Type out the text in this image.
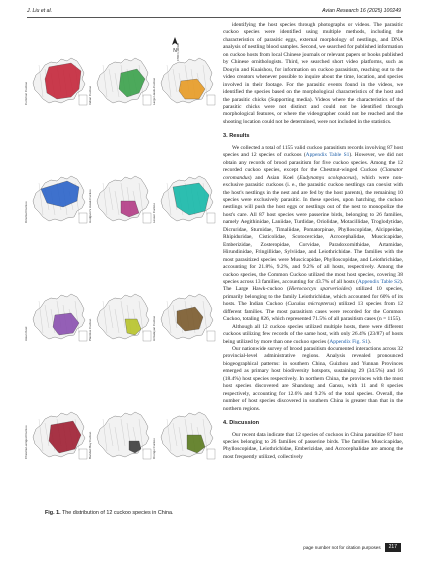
J. Liu et al.	Avian Research 16 (2025) 100249
N 0 550 1,100 km
Common Cuckoo	Indian Cuckoo	Large Hawk-Cuckoo
Oriental Cuckoo	Hodgson's Hawk-Cuckoo	Lesser Cuckoo
Asian Koel	Plaintive Cuckoo	Himalayan Cuckoo
Chestnut-winged Cuckoo	Banded Bay Cuckoo	Drongo Cuckoo
Fig. 1. The distribution of 12 cuckoo species in China.

identifying the host species through photographs or videos. The parasitic cuckoo species were identified using multiple methods, including the characteristics of parasitic eggs, external morphology of nestlings, and DNA analysis of nestling blood samples. Second, we searched for published information on cuckoo hosts from local Chinese journals or relevant papers or books published by Chinese ornithologists. Third, we searched short video platforms, such as Douyin and Kuaishou, for information on cuckoo parasitism, reaching out to the video creators whenever possible to inquire about the time, location, and species involved in their footage. For the parasitic events found in the videos, we identified the species based on the morphological characteristics of the host and the parasitic chicks (Supporting media). Videos where the characteristics of the parasitic chicks were not distinct and could not be identified through morphological features, or where the videographer could not be reached and the shooting location could not be determined, were not included in the statistics.

3. Results

We collected a total of 1155 valid cuckoo parasitism records involving 87 host species and 12 species of cuckoos (Appendix Table S1). However, we did not obtain any records of brood parasitism for five cuckoo species. Among the 12 recorded cuckoo species, except for the Chestnut-winged Cuckoo (Clamator coromandus) and Asian Koel (Eudynamys scolopaceus), which were non-exclusive parasitic cuckoos (i. e., the parasitic cuckoo nestlings can coexist with the host's nestlings in the nest and are fed by the host parents), the remaining 10 species were exclusively parasitic. In these species, upon hatching, the cuckoo nestlings will push the host eggs or nestlings out of the nest to monopolize the host's care. All 87 host species were passerine birds, belonging to 26 families, namely Aegithinidae, Laniidae, Turdidae, Oriolidae, Motacillidae, Troglodytidae, Dicruridae, Sturnidae, Timaliidae, Pomatorpinae, Phylloscopidae, Alcippeidae, Rhipiduridae, Cisticolidae, Scotocercidae, Acrocephalidae, Muscicapidae, Emberizidae, Zosteropidae, Corvidae, Paradoxornithidae, Artamidae, Hirundinidae, Fringillidae, Sylviidae, and Leiothrichidae. The families with the most parasitized species were Muscicapidae, Phylloscopidae, and Leiothrichidae, accounting for 21.8%, 9.2%, and 9.2% of all hosts, respectively. Among the cuckoo species, the Common Cuckoo utilized the most host species, covering 38 species across 13 families, accounting for 43.7% of all hosts (Appendix Table S2). The Large Hawk-cuckoo (Hierococcyx sparverioides) utilized 10 species, primarily belonging to the family Leiothrichidae, which accounted for 60% of its hosts. The Indian Cuckoo (Cuculus micropterus) utilized 13 species from 12 different families. The most parasitism cases were recorded for the Common Cuckoo, totaling 826, which represented 71.5% of all parasitism cases (n = 1155).

Although all 12 cuckoo species utilized multiple hosts, there were different cuckoos utilizing few records of the same host, with only 26.4% (23/87) of hosts being utilized by more than one cuckoo species (Appendix Fig. S1).

Our nationwide survey of brood parasitism documented interactions across 32 provincial-level administrative regions. Analysis revealed pronounced biogeographical patterns: in southern China, Guizhou and Yunnan Provinces emerged as primary host biodiversity hotspots, sustaining 29 (34.5%) and 16 (18.4%) host species respectively. In northern China, the provinces with the most host species discovered are Shandong and Gansu, with 11 and 8 species respectively, accounting for 12.6% and 9.2% of the total species. Overall, the number of host species discovered in southern China is greater than that in the northern regions.

4. Discussion

Our recent data indicate that 12 species of cuckoos in China parasitize 87 host species belonging to 26 families of passerine birds. The families Muscicapidae, Phylloscopidae, Leiothrichidae, Emberizidae, and Acrocephalidae are among the most frequently utilized, collectively

page number not for citation purposes	217
